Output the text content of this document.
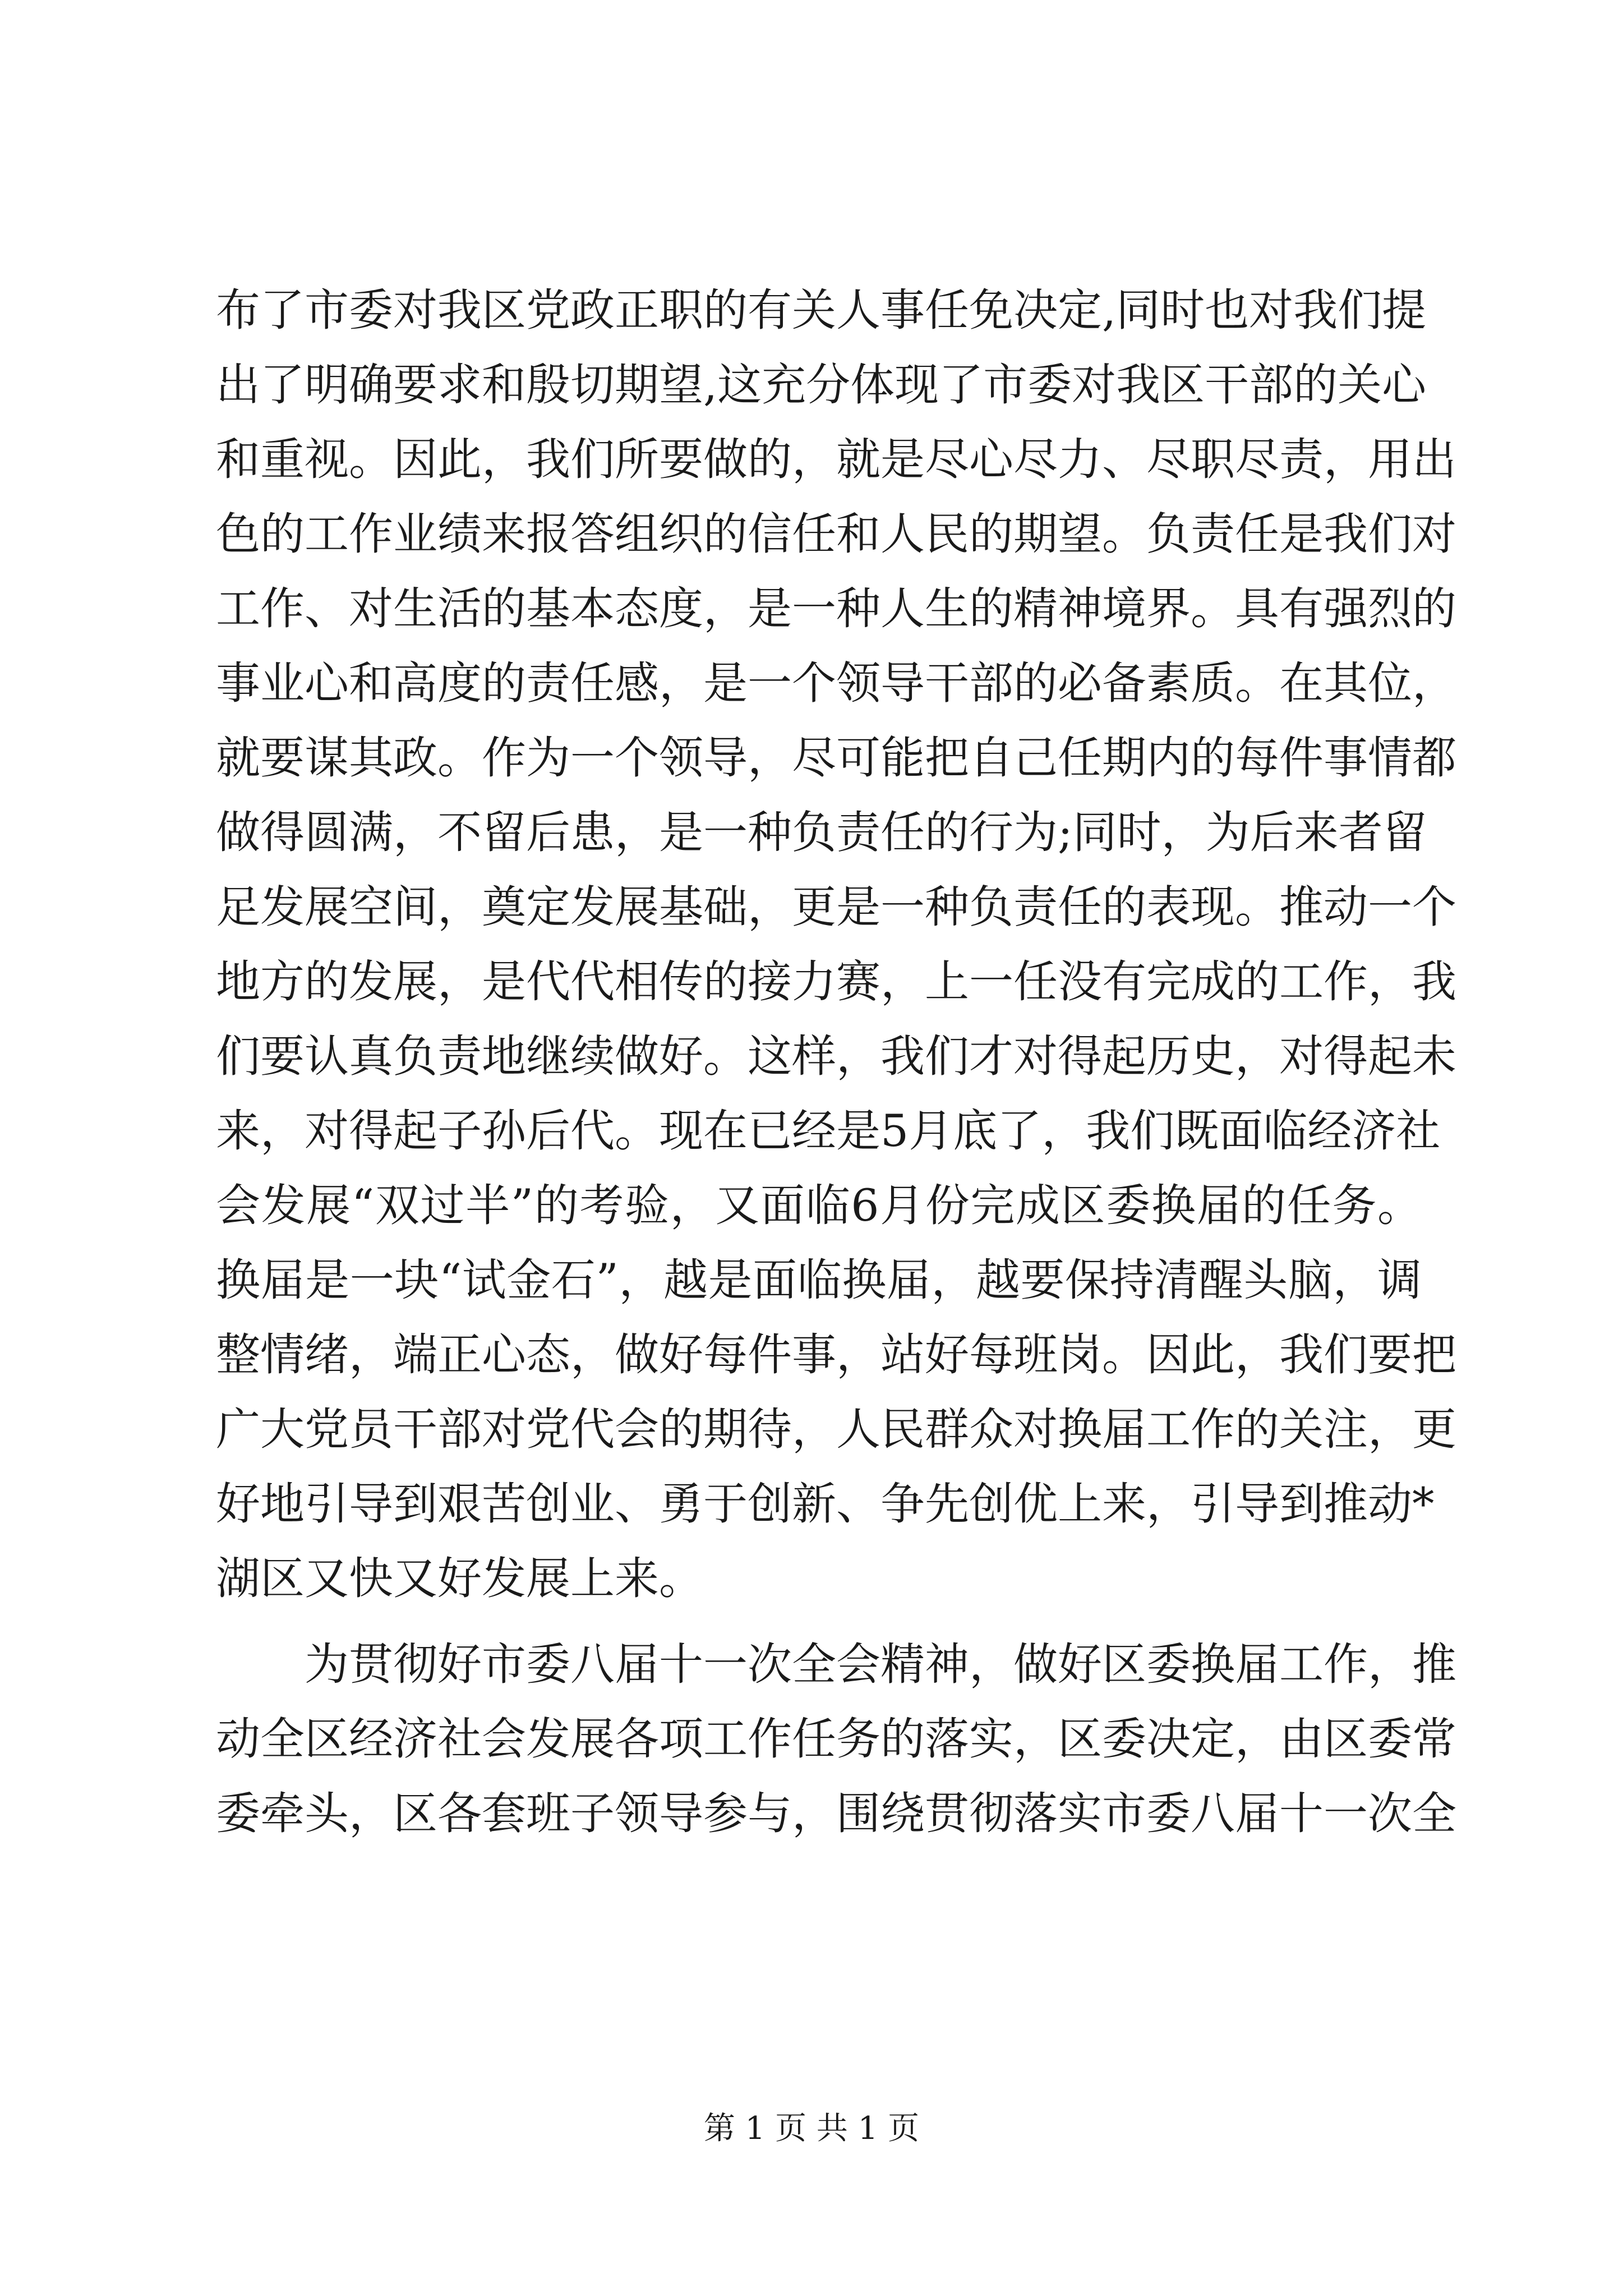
布了市委对我区党政正职的有关人事任免决定,同时也对我们提
出了明确要求和殷切期望,这充分体现了市委对我区干部的关心
和重视。因此，我们所要做的，就是尽心尽力、尽职尽责，用出
色的工作业绩来报答组织的信任和人民的期望。负责任是我们对
工作、对生活的基本态度，是一种人生的精神境界。具有强烈的
事业心和高度的责任感，是一个领导干部的必备素质。在其位，
就要谋其政。作为一个领导，尽可能把自己任期内的每件事情都
做得圆满，不留后患，是一种负责任的行为;同时，为后来者留
足发展空间，奠定发展基础，更是一种负责任的表现。推动一个
地方的发展，是代代相传的接力赛，上一任没有完成的工作，我
们要认真负责地继续做好。这样，我们才对得起历史，对得起未
来，对得起子孙后代。现在已经是5月底了，我们既面临经济社
会发展“双过半”的考验，又面临6月份完成区委换届的任务。
换届是一块“试金石”，越是面临换届，越要保持清醒头脑，调
整情绪，端正心态，做好每件事，站好每班岗。因此，我们要把
广大党员干部对党代会的期待，人民群众对换届工作的关注，更
好地引导到艰苦创业、勇于创新、争先创优上来，引导到推动*
湖区又快又好发展上来。
为贯彻好市委八届十一次全会精神，做好区委换届工作，推
动全区经济社会发展各项工作任务的落实，区委决定，由区委常
委牵头，区各套班子领导参与，围绕贯彻落实市委八届十一次全
第 1 页 共 1 页
